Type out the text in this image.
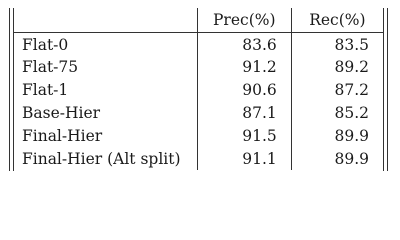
	Prec(%)	Rec(%)
Flat-0	83.6	83.5
Flat-75	91.2	89.2
Flat-1	90.6	87.2
Base-Hier	87.1	85.2
Final-Hier	91.5	89.9
Final-Hier (Alt split)	91.1	89.9
